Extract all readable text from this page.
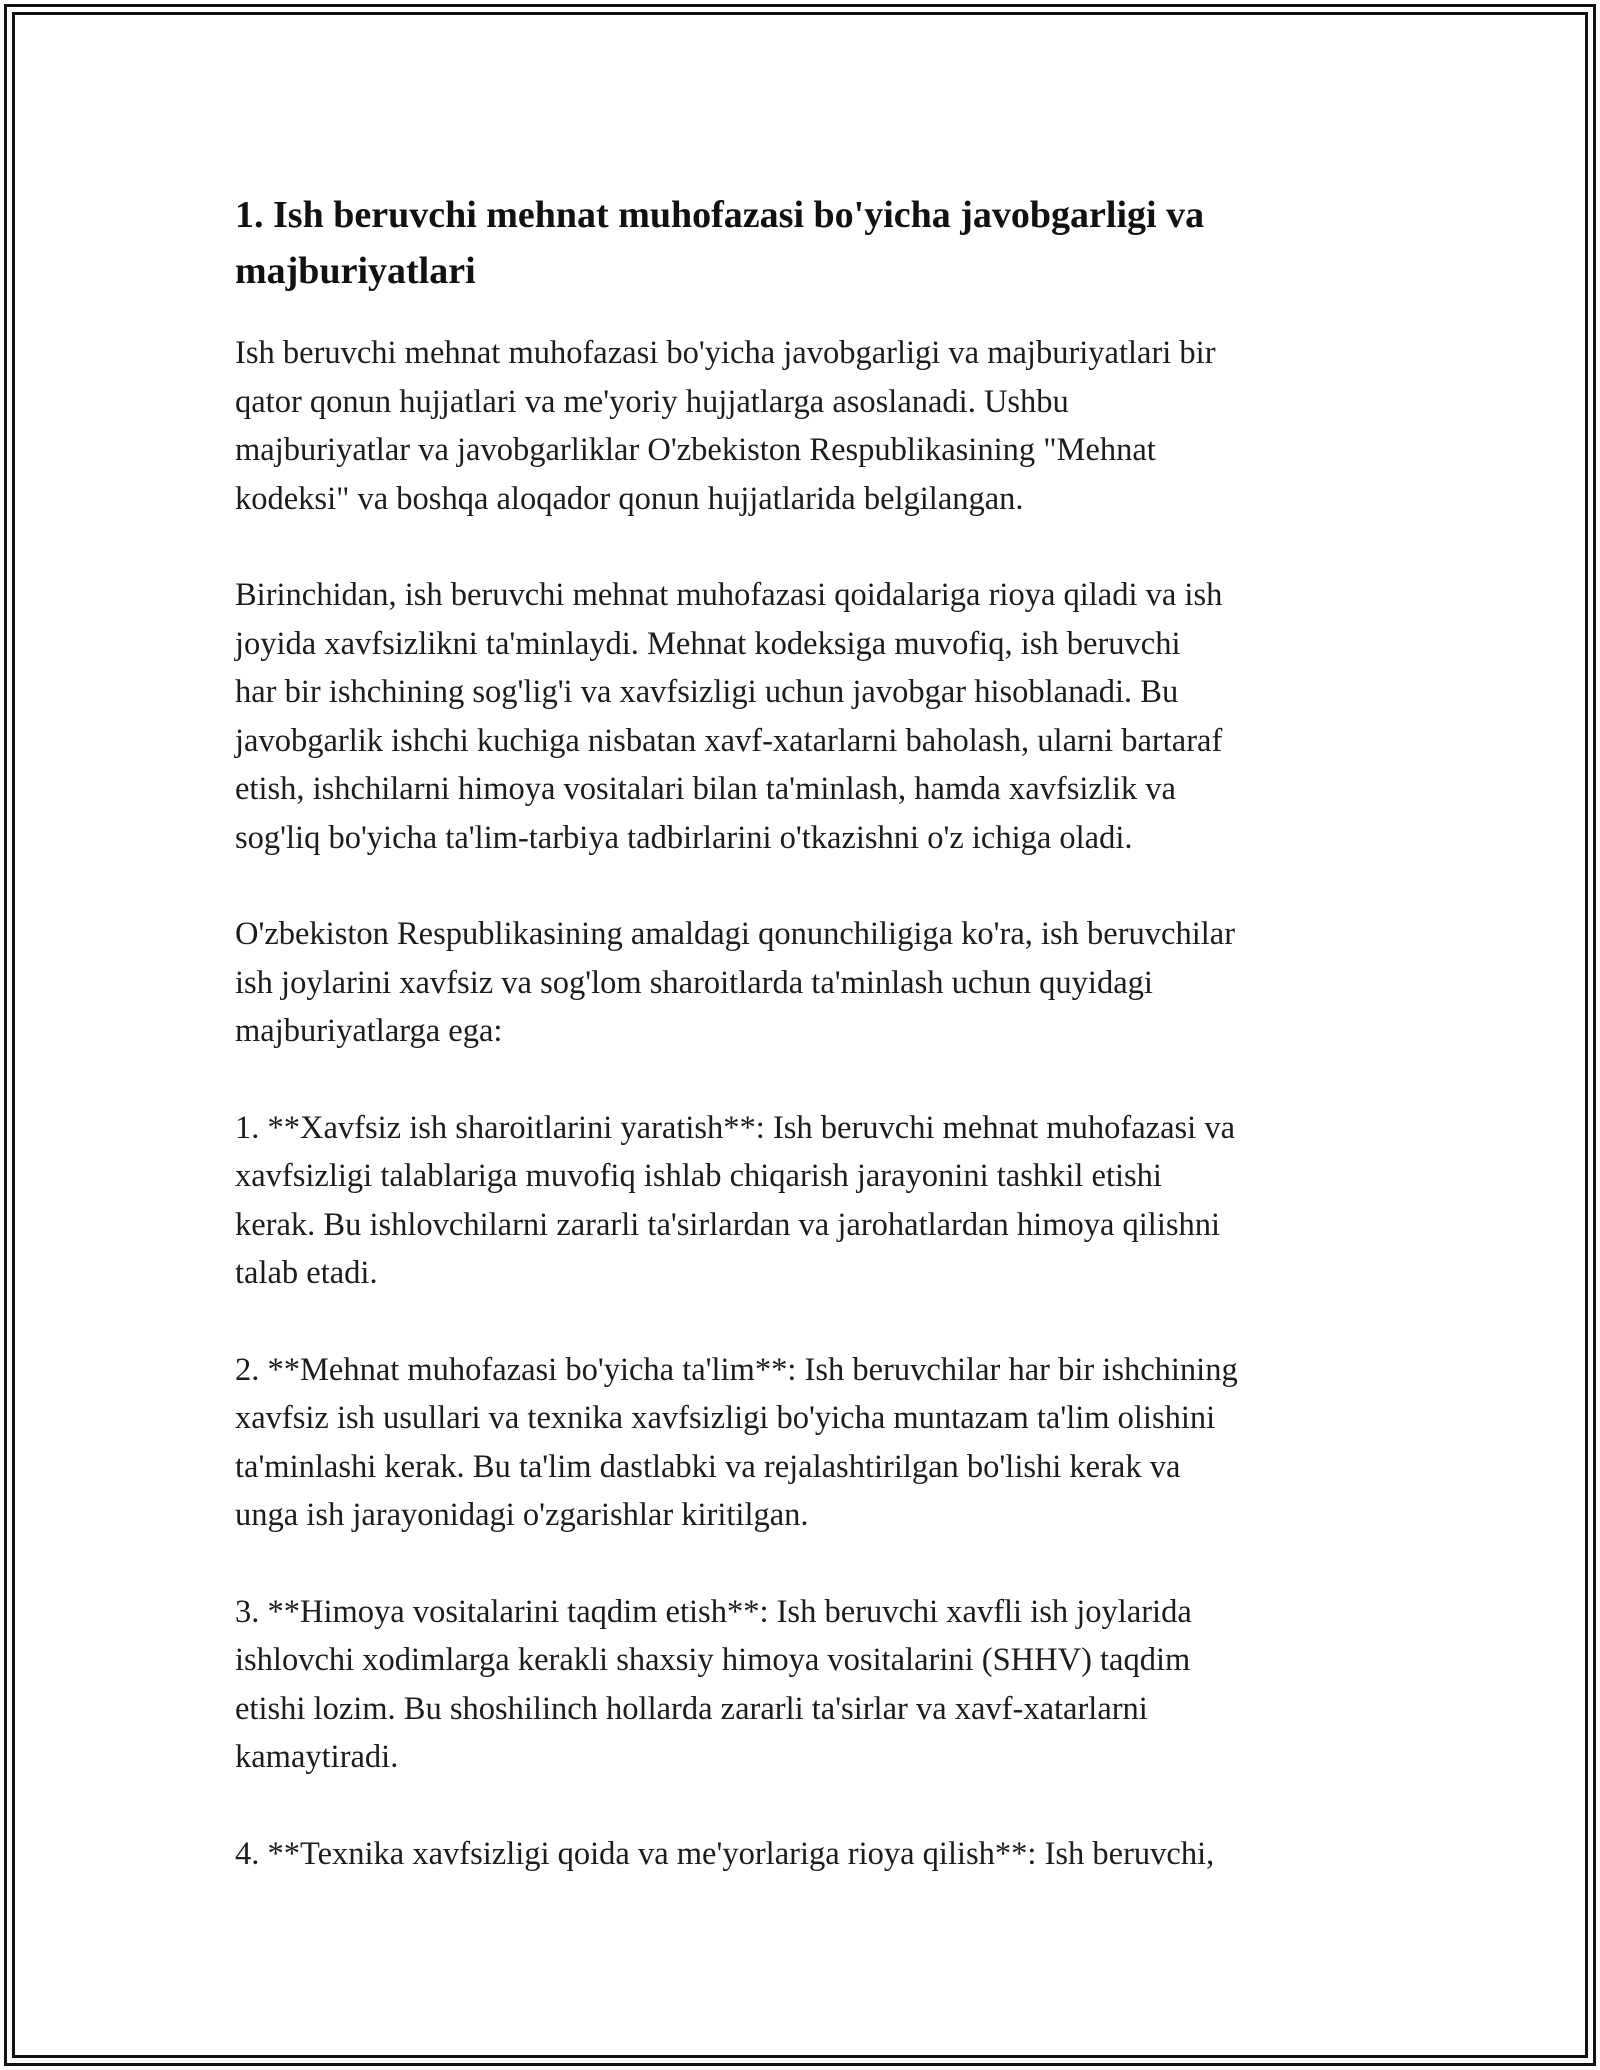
1. Ish beruvchi mehnat muhofazasi bo'yicha javobgarligi va
majburiyatlari

Ish beruvchi mehnat muhofazasi bo'yicha javobgarligi va majburiyatlari bir
qator qonun hujjatlari va me'yoriy hujjatlarga asoslanadi. Ushbu
majburiyatlar va javobgarliklar O'zbekiston Respublikasining "Mehnat
kodeksi" va boshqa aloqador qonun hujjatlarida belgilangan.

Birinchidan, ish beruvchi mehnat muhofazasi qoidalariga rioya qiladi va ish
joyida xavfsizlikni ta'minlaydi. Mehnat kodeksiga muvofiq, ish beruvchi
har bir ishchining sog'lig'i va xavfsizligi uchun javobgar hisoblanadi. Bu
javobgarlik ishchi kuchiga nisbatan xavf-xatarlarni baholash, ularni bartaraf
etish, ishchilarni himoya vositalari bilan ta'minlash, hamda xavfsizlik va
sog'liq bo'yicha ta'lim-tarbiya tadbirlarini o'tkazishni o'z ichiga oladi.

O'zbekiston Respublikasining amaldagi qonunchiligiga ko'ra, ish beruvchilar
ish joylarini xavfsiz va sog'lom sharoitlarda ta'minlash uchun quyidagi
majburiyatlarga ega:

1. **Xavfsiz ish sharoitlarini yaratish**: Ish beruvchi mehnat muhofazasi va
xavfsizligi talablariga muvofiq ishlab chiqarish jarayonini tashkil etishi
kerak. Bu ishlovchilarni zararli ta'sirlardan va jarohatlardan himoya qilishni
talab etadi.

2. **Mehnat muhofazasi bo'yicha ta'lim**: Ish beruvchilar har bir ishchining
xavfsiz ish usullari va texnika xavfsizligi bo'yicha muntazam ta'lim olishini
ta'minlashi kerak. Bu ta'lim dastlabki va rejalashtirilgan bo'lishi kerak va
unga ish jarayonidagi o'zgarishlar kiritilgan.

3. **Himoya vositalarini taqdim etish**: Ish beruvchi xavfli ish joylarida
ishlovchi xodimlarga kerakli shaxsiy himoya vositalarini (SHHV) taqdim
etishi lozim. Bu shoshilinch hollarda zararli ta'sirlar va xavf-xatarlarni
kamaytiradi.

4. **Texnika xavfsizligi qoida va me'yorlariga rioya qilish**: Ish beruvchi,
